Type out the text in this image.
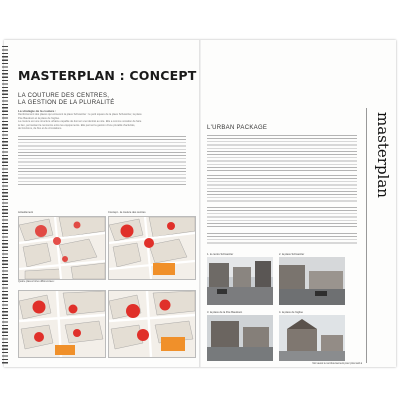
MASTERPLAN : CONCEPT
LA COUTURE DES CENTRES,
LA GESTION DE LA PLURALITÉ
La stratégie de la couture :
Renforcement des places qui entourent la place Schweitzer : le petit square de la place Schweitzer, la place
Poe Baudouin et la place de l'église.
La couture est une structure urbaine capable de donner une identité au site. Elle a comme vocation de faire
le lien, permettant la rencontre entre les équipements. Elle permet la gestion d'une pluralité d'activités,
de fonctions, de flux et de circulations.
Actuellement	Concept - la couture des centres
Quatre places fortes différenciées :
L'URBAN PACKAGE	masterplan
1. le centre Schweitzer	2. la place Schweitzer
3. la place de la Poe Baudouin	4. la place de l'église
Voir aussi le remboursement pour plus tard à
